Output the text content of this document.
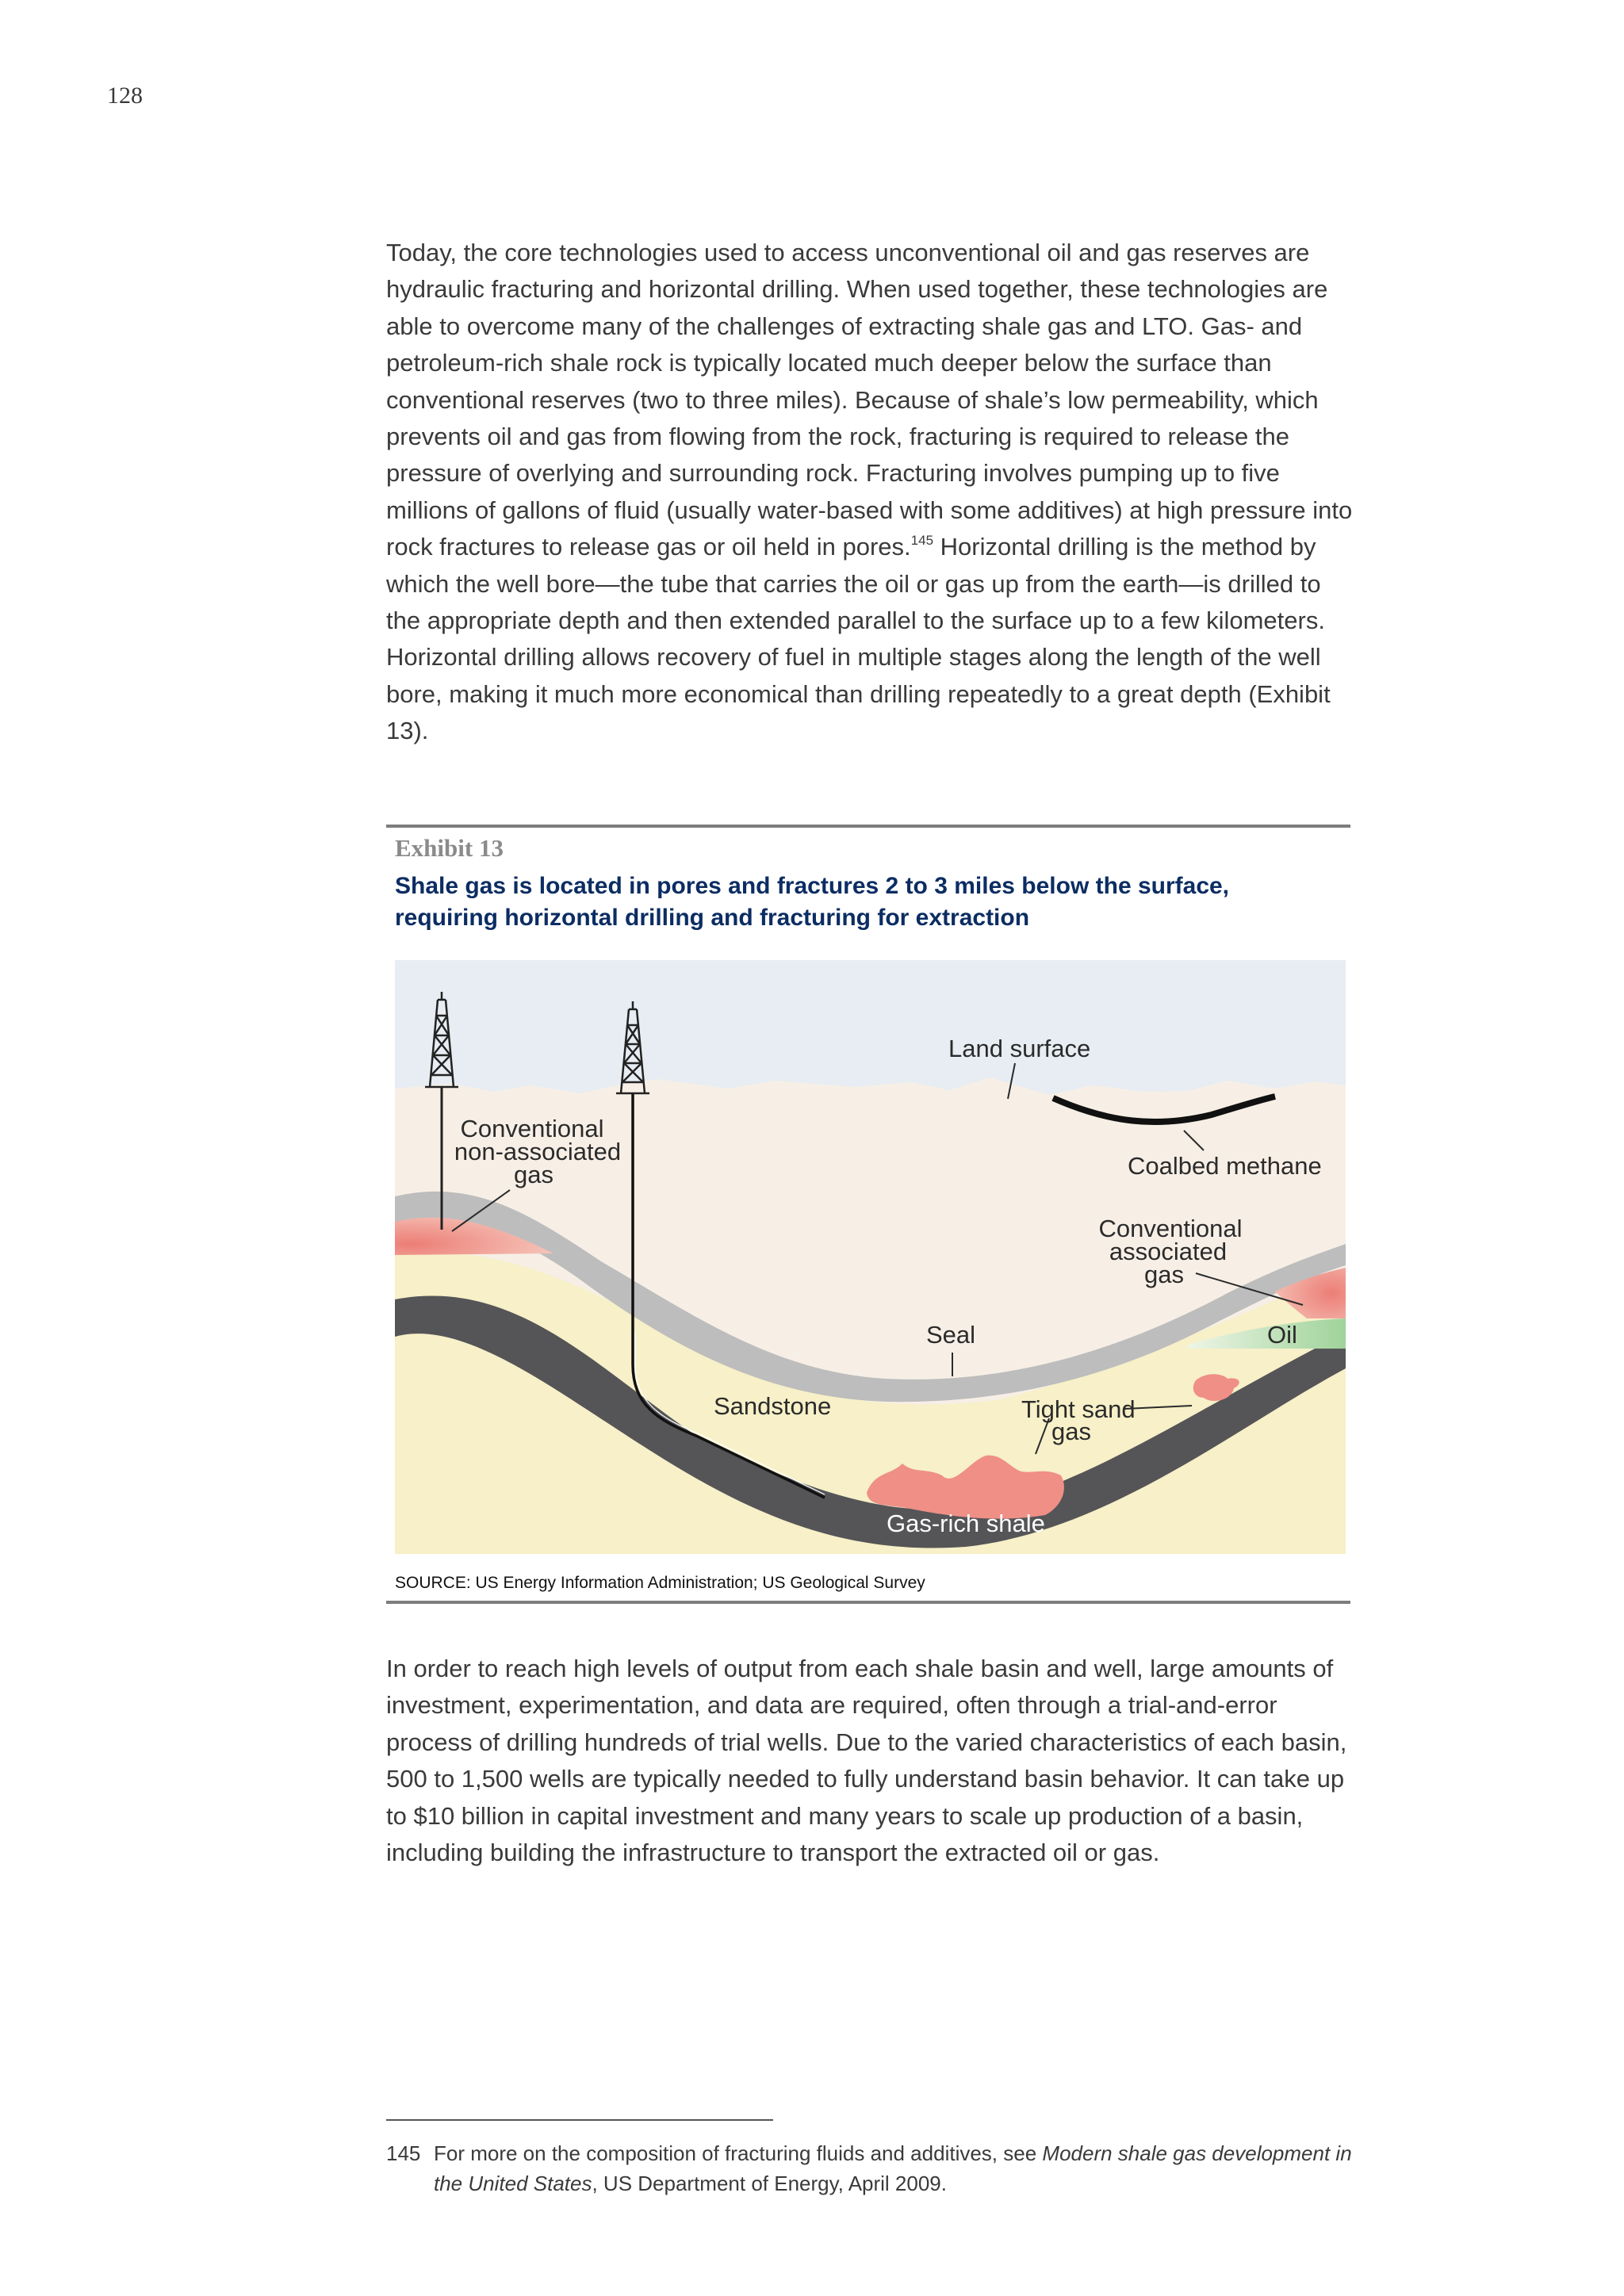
128

Today, the core technologies used to access unconventional oil and gas reserves are hydraulic fracturing and horizontal drilling. When used together, these technologies are able to overcome many of the challenges of extracting shale gas and LTO. Gas- and petroleum-rich shale rock is typically located much deeper below the surface than conventional reserves (two to three miles). Because of shale’s low permeability, which prevents oil and gas from flowing from the rock, fracturing is required to release the pressure of overlying and surrounding rock. Fracturing involves pumping up to five millions of gallons of fluid (usually water-based with some additives) at high pressure into rock fractures to release gas or oil held in pores.$^{145}$ Horizontal drilling is the method by which the well bore—the tube that carries the oil or gas up from the earth—is drilled to the appropriate depth and then extended parallel to the surface up to a few kilometers. Horizontal drilling allows recovery of fuel in multiple stages along the length of the well bore, making it much more economical than drilling repeatedly to a great depth (Exhibit 13).

Exhibit 13
Shale gas is located in pores and fractures 2 to 3 miles below the surface,
requiring horizontal drilling and fracturing for extraction
Land surface
Conventional
non-associated
gas	Coalbed methane
Conventional
associated
gas
Oil
Seal
Sandstone	Tight sand
gas
Gas-rich shale
SOURCE: US Energy Information Administration; US Geological Survey

In order to reach high levels of output from each shale basin and well, large amounts of investment, experimentation, and data are required, often through a trial-and-error process of drilling hundreds of trial wells. Due to the varied characteristics of each basin, 500 to 1,500 wells are typically needed to fully understand basin behavior. It can take up to $10 billion in capital investment and many years to scale up production of a basin, including building the infrastructure to transport the extracted oil or gas.

145 For more on the composition of fracturing fluids and additives, see Modern shale gas development in the United States, US Department of Energy, April 2009.
